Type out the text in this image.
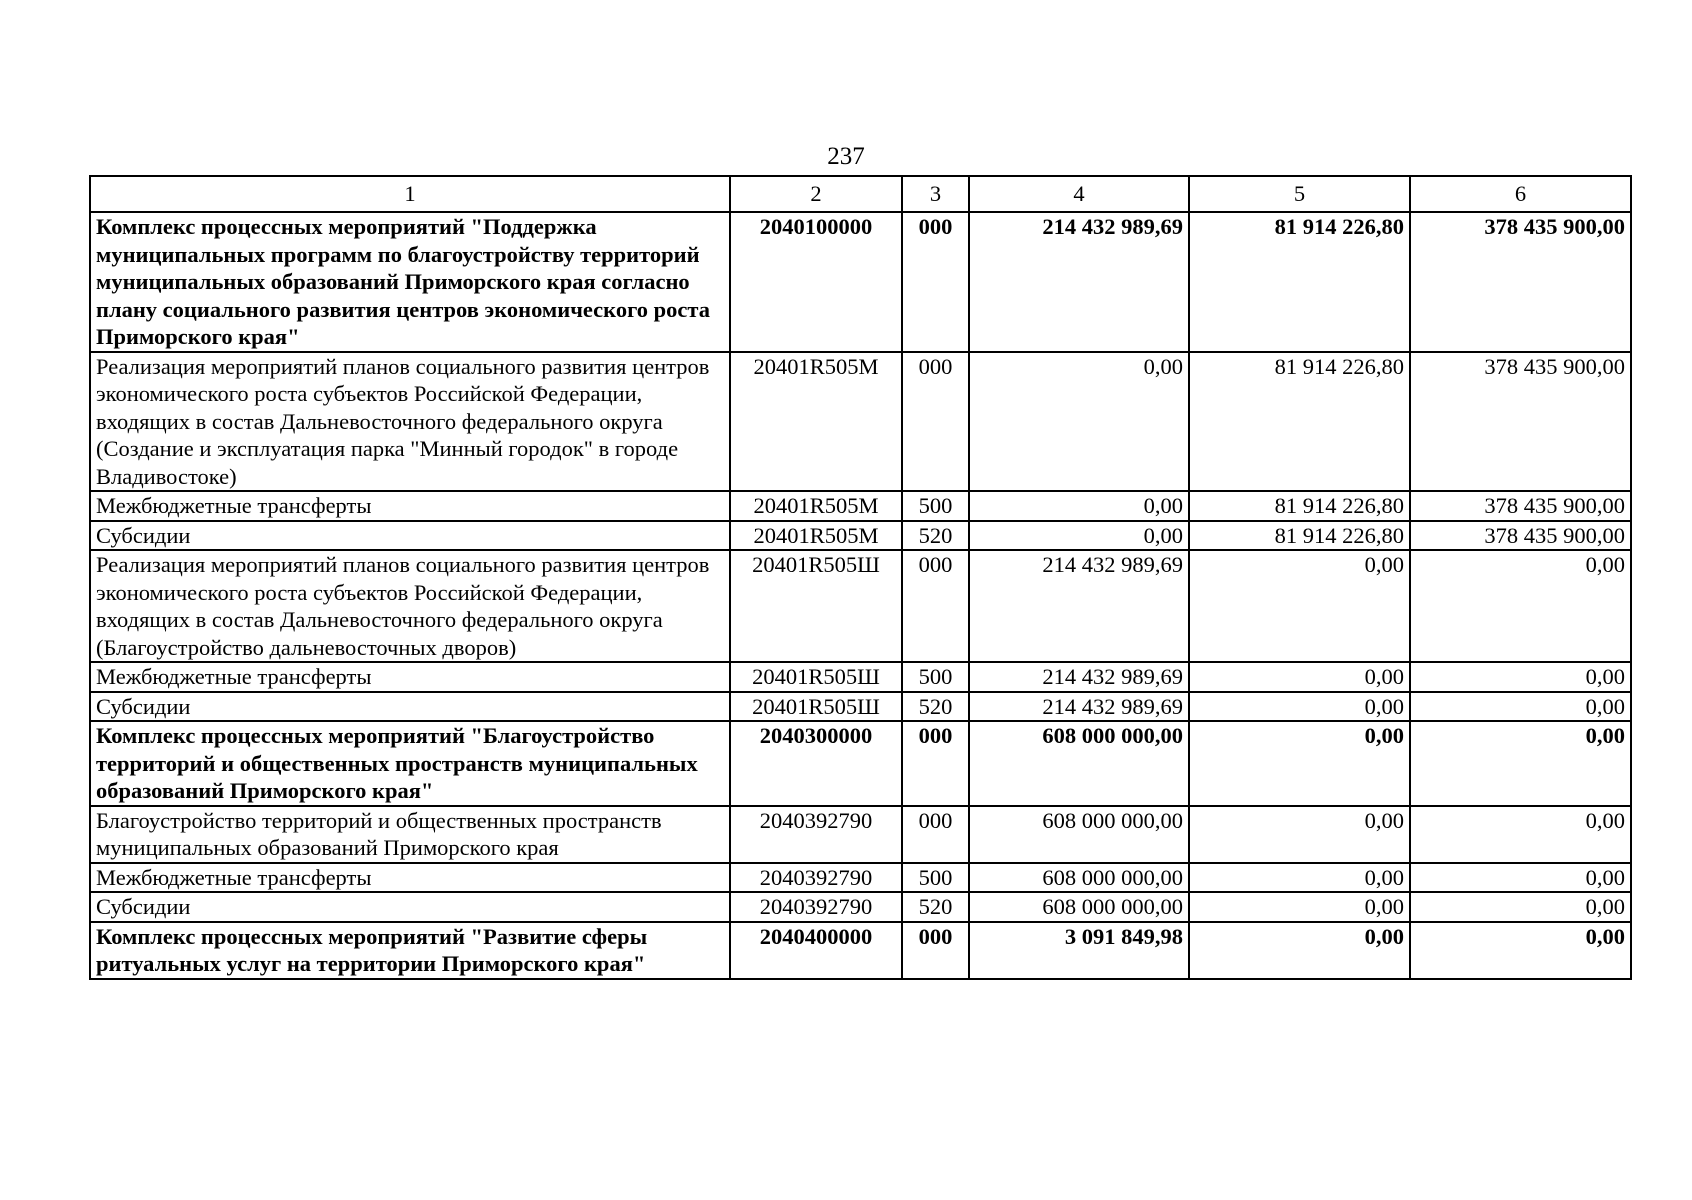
237
1	2	3	4	5	6
Комплекс процессных мероприятий "Поддержка муниципальных программ по благоустройству территорий муниципальных образований Приморского края согласно плану социального развития центров экономического роста Приморского края"	2040100000	000	214 432 989,69	81 914 226,80	378 435 900,00
Реализация мероприятий планов социального развития центров экономического роста субъектов Российской Федерации, входящих в состав Дальневосточного федерального округа (Создание и эксплуатация парка "Минный городок" в городе Владивостоке)	20401R505M	000	0,00	81 914 226,80	378 435 900,00
Межбюджетные трансферты	20401R505M	500	0,00	81 914 226,80	378 435 900,00
Субсидии	20401R505M	520	0,00	81 914 226,80	378 435 900,00
Реализация мероприятий планов социального развития центров экономического роста субъектов Российской Федерации, входящих в состав Дальневосточного федерального округа (Благоустройство дальневосточных дворов)	20401R505Ш	000	214 432 989,69	0,00	0,00
Межбюджетные трансферты	20401R505Ш	500	214 432 989,69	0,00	0,00
Субсидии	20401R505Ш	520	214 432 989,69	0,00	0,00
Комплекс процессных мероприятий "Благоустройство территорий и общественных пространств муниципальных образований Приморского края"	2040300000	000	608 000 000,00	0,00	0,00
Благоустройство территорий и общественных пространств муниципальных образований Приморского края	2040392790	000	608 000 000,00	0,00	0,00
Межбюджетные трансферты	2040392790	500	608 000 000,00	0,00	0,00
Субсидии	2040392790	520	608 000 000,00	0,00	0,00
Комплекс процессных мероприятий "Развитие сферы ритуальных услуг на территории Приморского края"	2040400000	000	3 091 849,98	0,00	0,00
